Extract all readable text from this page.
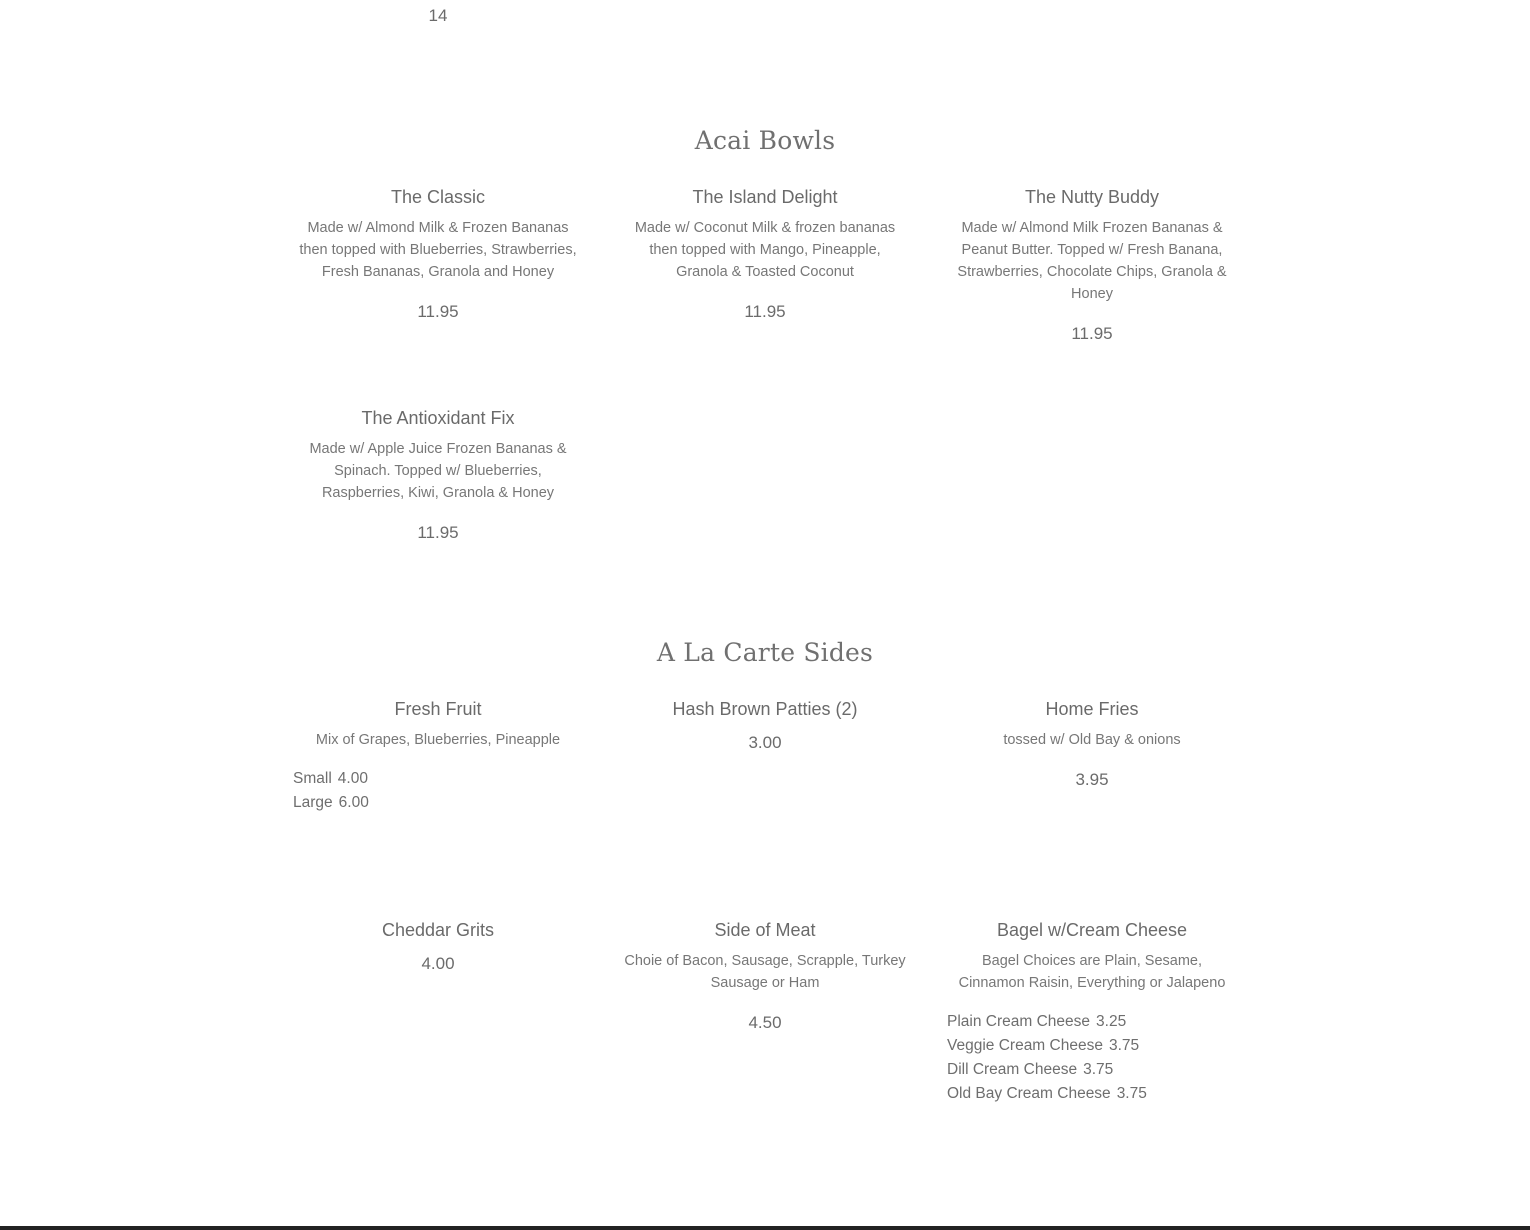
14
Acai Bowls
The Classic
Made w/ Almond Milk & Frozen Bananas then topped with Blueberries, Strawberries, Fresh Bananas, Granola and Honey
11.95
The Island Delight
Made w/ Coconut Milk & frozen bananas then topped with Mango, Pineapple, Granola & Toasted Coconut
11.95
The Nutty Buddy
Made w/ Almond Milk Frozen Bananas & Peanut Butter. Topped w/ Fresh Banana, Strawberries, Chocolate Chips, Granola & Honey
11.95
The Antioxidant Fix
Made w/ Apple Juice Frozen Bananas & Spinach. Topped w/ Blueberries, Raspberries, Kiwi, Granola & Honey
11.95
A La Carte Sides
Fresh Fruit
Mix of Grapes, Blueberries, Pineapple
Small 4.00
Large 6.00
Hash Brown Patties (2)
3.00
Home Fries
tossed w/ Old Bay & onions
3.95
Cheddar Grits
4.00
Side of Meat
Choie of Bacon, Sausage, Scrapple, Turkey Sausage or Ham
4.50
Bagel w/Cream Cheese
Bagel Choices are Plain, Sesame, Cinnamon Raisin, Everything or Jalapeno
Plain Cream Cheese 3.25
Veggie Cream Cheese 3.75
Dill Cream Cheese 3.75
Old Bay Cream Cheese 3.75
